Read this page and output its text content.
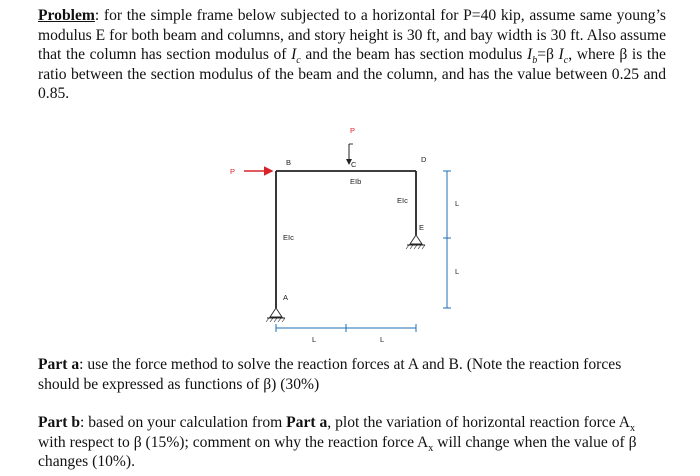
Problem: for the simple frame below subjected to a horizontal for P=40 kip, assume same young’s modulus E for both beam and columns, and story height is 30 ft, and bay width is 30 ft. Also assume that the column has section modulus of $I_c$ and the beam has section modulus $I_b=\beta$ $I_c$, where β is the ratio between the section modulus of the beam and the column, and has the value between 0.25 and 0.85.

P
P
B	C
D
E
A
EIb
EIc
EIc
L
L
L	L

Part a: use the force method to solve the reaction forces at A and B. (Note the reaction forces should be expressed as functions of β) (30%)

Part b: based on your calculation from Part a, plot the variation of horizontal reaction force $A_x$ with respect to β (15%); comment on why the reaction force $A_x$ will change when the value of β changes (10%).
